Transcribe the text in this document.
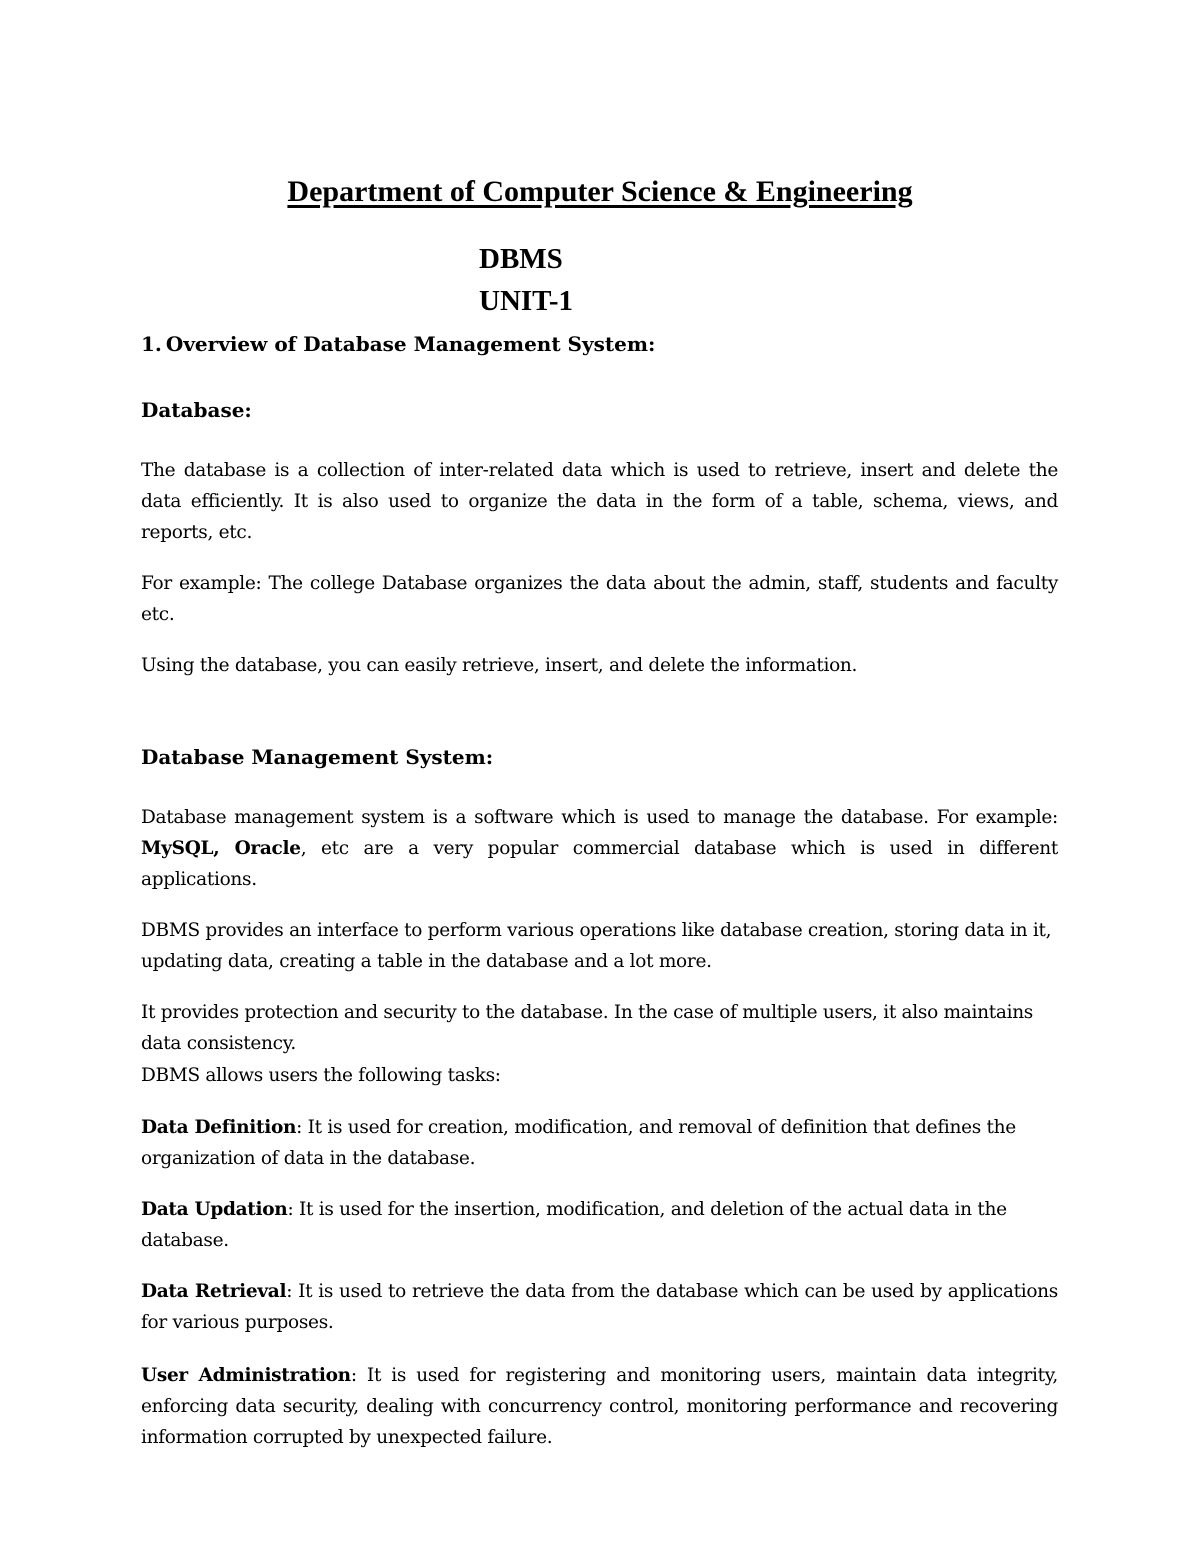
Department of Computer Science & Engineering
DBMS
UNIT-1
1. Overview of Database Management System:
Database:
The database is a collection of inter-related data which is used to retrieve, insert and delete the data efficiently. It is also used to organize the data in the form of a table, schema, views, and reports, etc.
For example: The college Database organizes the data about the admin, staff, students and faculty etc.
Using the database, you can easily retrieve, insert, and delete the information.
Database Management System:
Database management system is a software which is used to manage the database. For example: MySQL, Oracle, etc are a very popular commercial database which is used in different applications.
DBMS provides an interface to perform various operations like database creation, storing data in it, updating data, creating a table in the database and a lot more.
It provides protection and security to the database. In the case of multiple users, it also maintains data consistency.
DBMS allows users the following tasks:
Data Definition: It is used for creation, modification, and removal of definition that defines the organization of data in the database.
Data Updation: It is used for the insertion, modification, and deletion of the actual data in the database.
Data Retrieval: It is used to retrieve the data from the database which can be used by applications for various purposes.
User Administration: It is used for registering and monitoring users, maintain data integrity, enforcing data security, dealing with concurrency control, monitoring performance and recovering information corrupted by unexpected failure.
